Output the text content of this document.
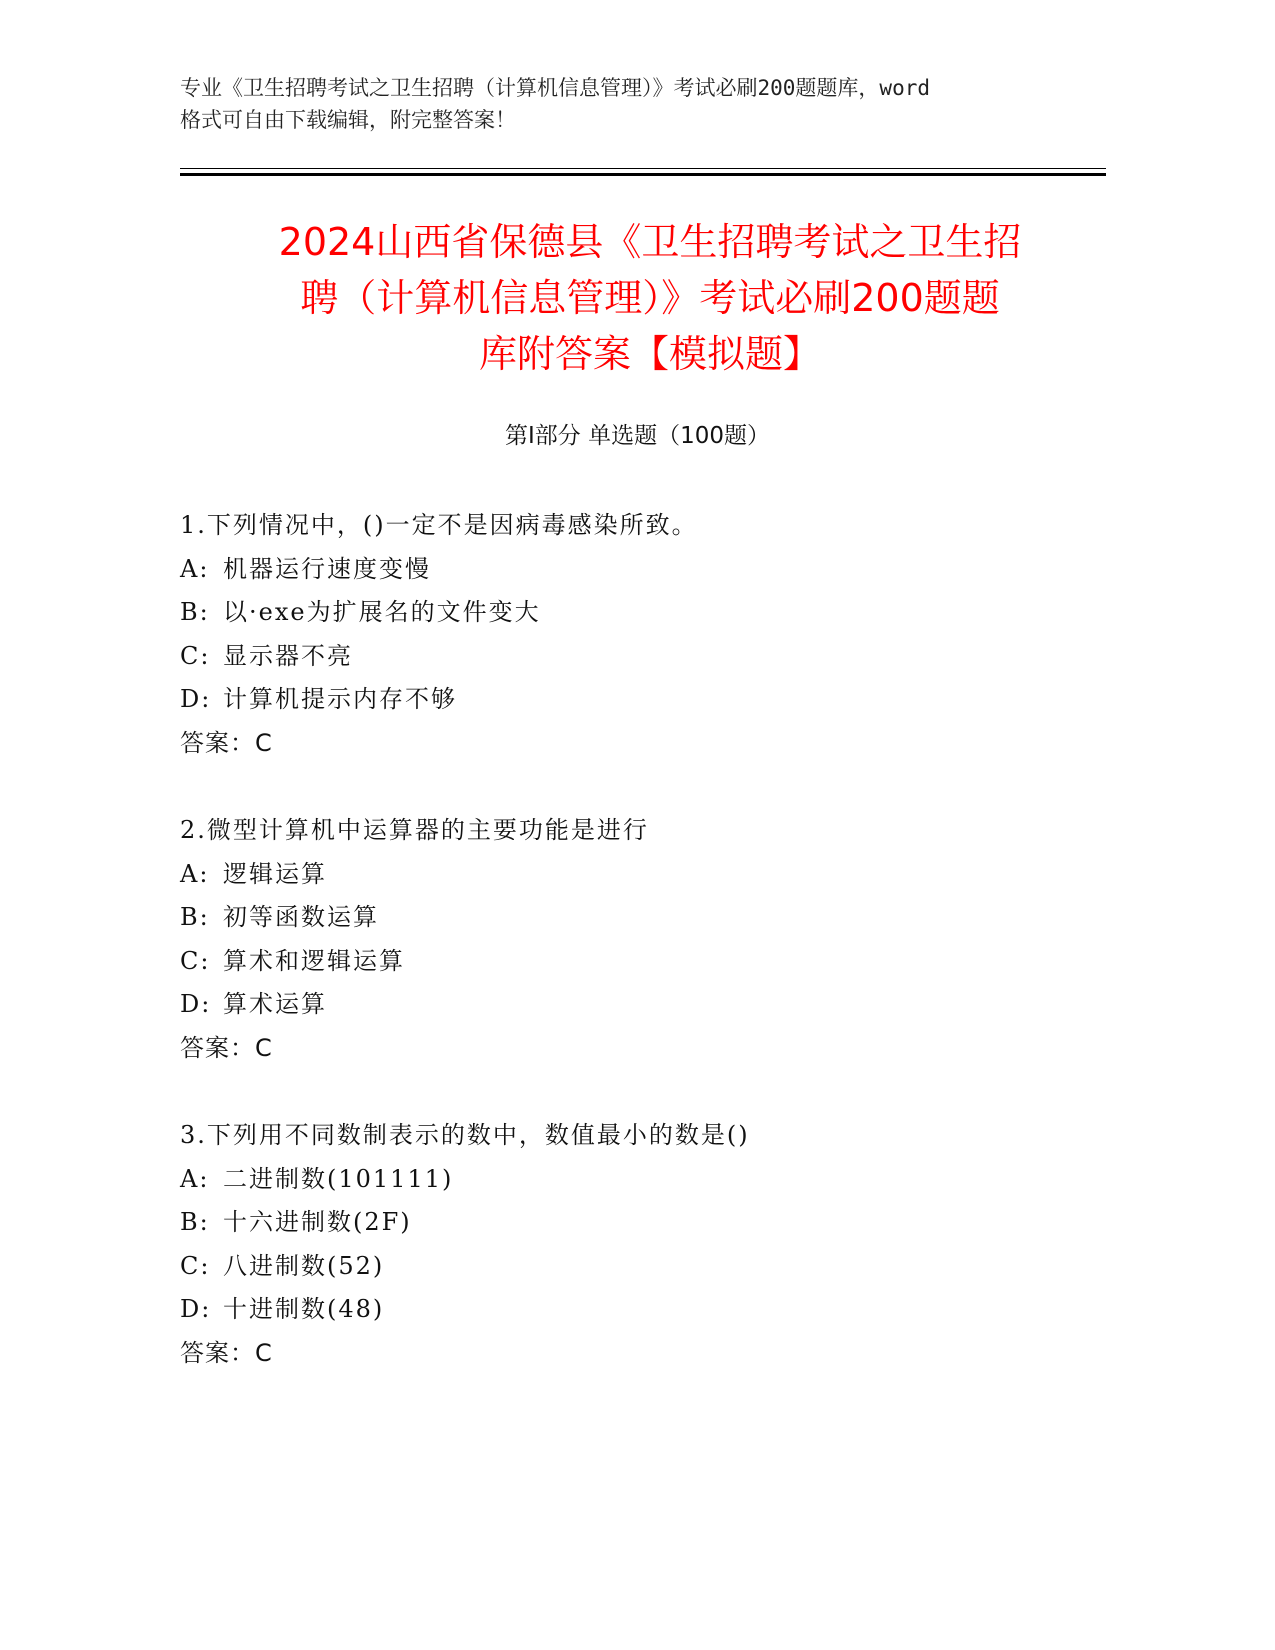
专业《卫生招聘考试之卫生招聘（计算机信息管理）》考试必刷200题题库，word
格式可自由下载编辑，附完整答案！
2024山西省保德县《卫生招聘考试之卫生招
聘（计算机信息管理）》考试必刷200题题
库附答案【模拟题】
第Ⅰ部分 单选题（100题）
1.下列情况中，()一定不是因病毒感染所致。
A: 机器运行速度变慢
B: 以·exe为扩展名的文件变大
C: 显示器不亮
D: 计算机提示内存不够
答案：C
2.微型计算机中运算器的主要功能是进行
A: 逻辑运算
B: 初等函数运算
C: 算术和逻辑运算
D: 算术运算
答案：C
3.下列用不同数制表示的数中，数值最小的数是()
A: 二进制数(101111)
B: 十六进制数(2F)
C: 八进制数(52)
D: 十进制数(48)
答案：C
